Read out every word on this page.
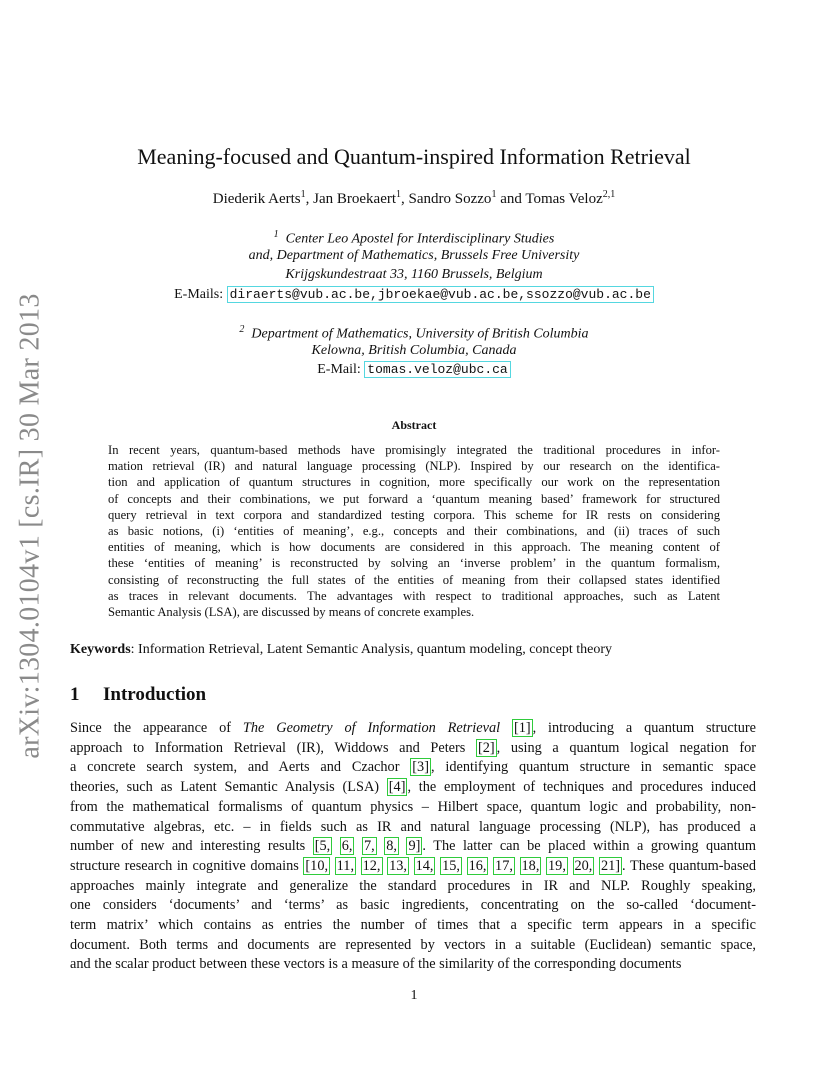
arXiv:1304.0104v1 [cs.IR] 30 Mar 2013
Meaning-focused and Quantum-inspired Information Retrieval
Diederik Aerts$^1$, Jan Broekaert$^1$, Sandro Sozzo$^1$ and Tomas Veloz$^{2,1}$
$^1$ Center Leo Apostel for Interdisciplinary Studies
and, Department of Mathematics, Brussels Free University
Krijgskundestraat 33, 1160 Brussels, Belgium
E-Mails: diraerts@vub.ac.be,jbroekae@vub.ac.be,ssozzo@vub.ac.be
$^2$ Department of Mathematics, University of British Columbia
Kelowna, British Columbia, Canada
E-Mail: tomas.veloz@ubc.ca
Abstract
In recent years, quantum-based methods have promisingly integrated the traditional procedures in infor-
mation retrieval (IR) and natural language processing (NLP). Inspired by our research on the identifica-
tion and application of quantum structures in cognition, more specifically our work on the representation
of concepts and their combinations, we put forward a ‘quantum meaning based’ framework for structured
query retrieval in text corpora and standardized testing corpora. This scheme for IR rests on considering
as basic notions, (i) ‘entities of meaning’, e.g., concepts and their combinations, and (ii) traces of such
entities of meaning, which is how documents are considered in this approach. The meaning content of
these ‘entities of meaning’ is reconstructed by solving an ‘inverse problem’ in the quantum formalism,
consisting of reconstructing the full states of the entities of meaning from their collapsed states identified
as traces in relevant documents. The advantages with respect to traditional approaches, such as Latent
Semantic Analysis (LSA), are discussed by means of concrete examples.
Keywords: Information Retrieval, Latent Semantic Analysis, quantum modeling, concept theory
1 Introduction
Since the appearance of The Geometry of Information Retrieval [1] , introducing a quantum structure
approach to Information Retrieval (IR), Widdows and Peters [2] , using a quantum logical negation for
a concrete search system, and Aerts and Czachor [3] , identifying quantum structure in semantic space
theories, such as Latent Semantic Analysis (LSA) [4] , the employment of techniques and procedures induced
from the mathematical formalisms of quantum physics – Hilbert space, quantum logic and probability, non-
commutative algebras, etc. – in fields such as IR and natural language processing (NLP), has produced a
number of new and interesting results [5, 6, 7, 8, 9] . The latter can be placed within a growing quantum
structure research in cognitive domains [10, 11, 12, 13, 14, 15, 16, 17, 18, 19, 20, 21] . These quantum-based
approaches mainly integrate and generalize the standard procedures in IR and NLP. Roughly speaking,
one considers ‘documents’ and ‘terms’ as basic ingredients, concentrating on the so-called ‘document-
term matrix’ which contains as entries the number of times that a specific term appears in a specific
document. Both terms and documents are represented by vectors in a suitable (Euclidean) semantic space,
and the scalar product between these vectors is a measure of the similarity of the corresponding documents
1
